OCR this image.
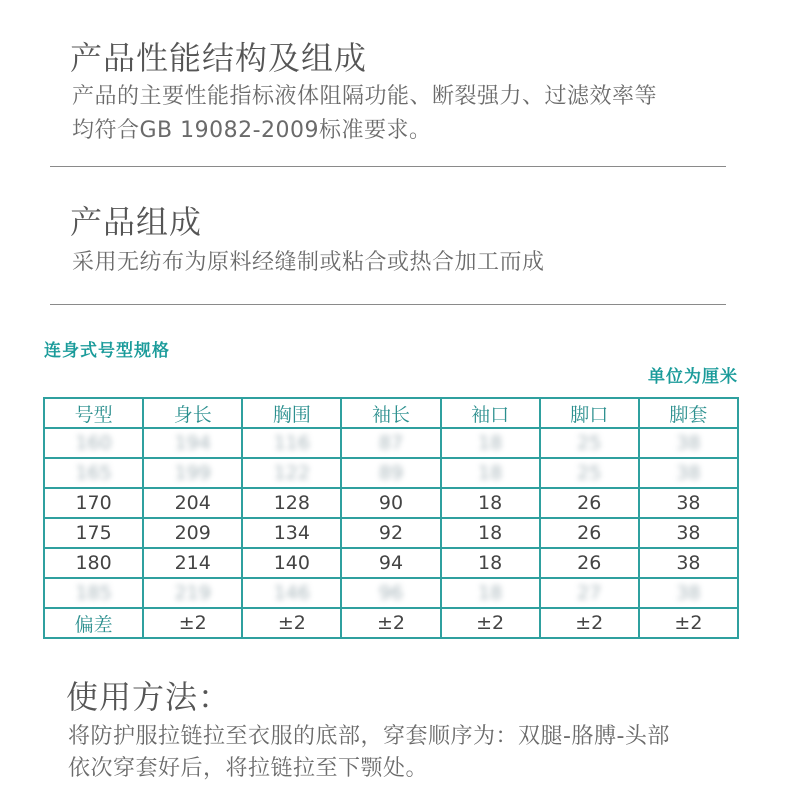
产品性能结构及组成
产品的主要性能指标液体阻隔功能、断裂强力、过滤效率等
均符合GB 19082-2009标准要求。
产品组成
采用无纺布为原料经缝制或粘合或热合加工而成
连身式号型规格
单位为厘米
号型	身长	胸围	袖长	袖口	脚口	脚套
160	194	116	87	18	25	38
165	199	122	89	18	25	38
170	204	128	90	18	26	38
175	209	134	92	18	26	38
180	214	140	94	18	26	38
185	219	146	96	18	27	38
偏差	±2	±2	±2	±2	±2	±2
使用方法：
将防护服拉链拉至衣服的底部，穿套顺序为：双腿-胳膊-头部
依次穿套好后，将拉链拉至下颚处。
